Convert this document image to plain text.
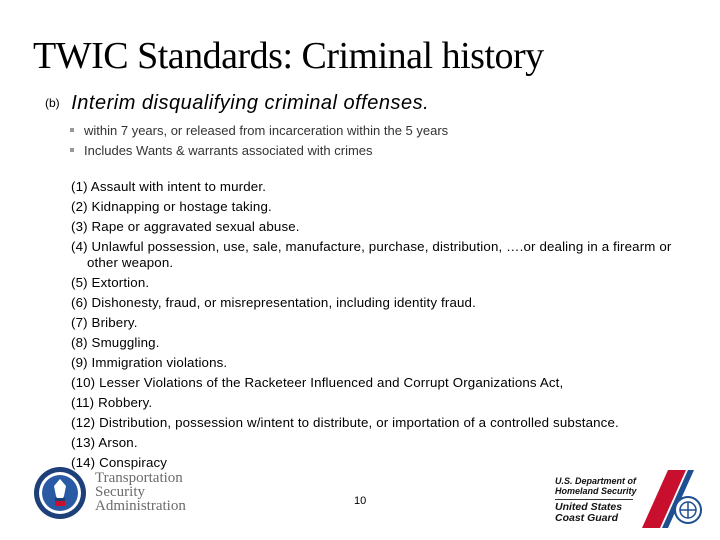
TWIC Standards: Criminal history
(b) Interim disqualifying criminal offenses.
within 7 years, or released from incarceration within the 5 years
Includes Wants & warrants associated with crimes
(1) Assault with intent to murder.
(2) Kidnapping or hostage taking.
(3) Rape or aggravated sexual abuse.
(4) Unlawful possession, use, sale, manufacture, purchase, distribution, ….or dealing in a firearm or other weapon.
(5) Extortion.
(6) Dishonesty, fraud, or misrepresentation, including identity fraud.
(7) Bribery.
(8) Smuggling.
(9) Immigration violations.
(10) Lesser Violations of the Racketeer Influenced and Corrupt Organizations Act,
(11) Robbery.
(12) Distribution, possession w/intent to distribute, or importation of a controlled substance.
(13) Arson.
(14) Conspiracy
Transportation
Security
Administration	10
U.S. Department of
Homeland Security
United States
Coast Guard
